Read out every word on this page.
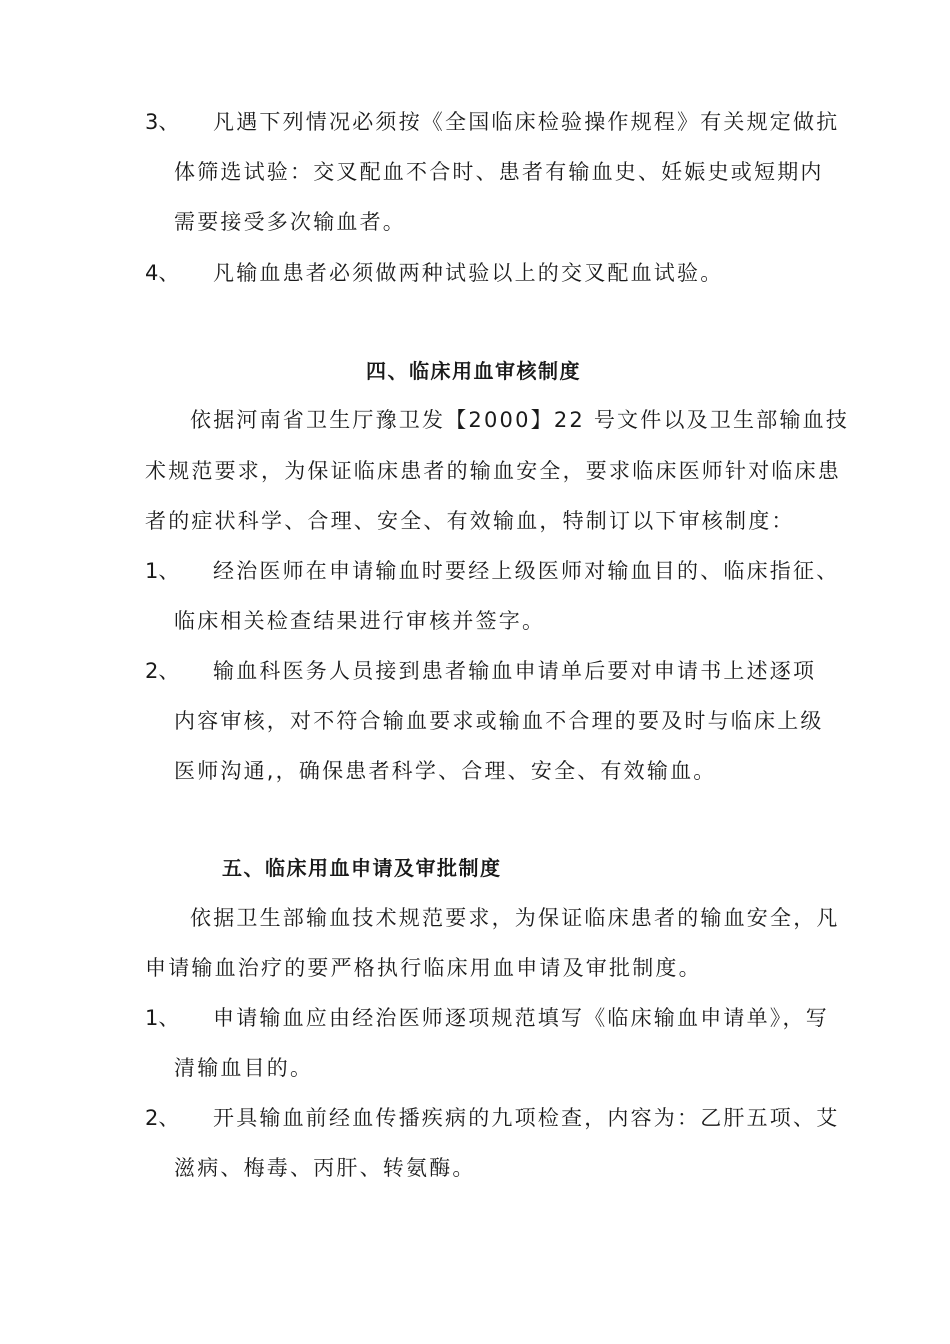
3、 凡遇下列情况必须按《全国临床检验操作规程》有关规定做抗
体筛选试验：交叉配血不合时、患者有输血史、妊娠史或短期内
需要接受多次输血者。
4、 凡输血患者必须做两种试验以上的交叉配血试验。
四、临床用血审核制度
依据河南省卫生厅豫卫发【2000】22 号文件以及卫生部输血技
术规范要求，为保证临床患者的输血安全，要求临床医师针对临床患
者的症状科学、合理、安全、有效输血，特制订以下审核制度：
1、 经治医师在申请输血时要经上级医师对输血目的、临床指征、
临床相关检查结果进行审核并签字。
2、 输血科医务人员接到患者输血申请单后要对申请书上述逐项
内容审核，对不符合输血要求或输血不合理的要及时与临床上级
医师沟通,，确保患者科学、合理、安全、有效输血。
五、临床用血申请及审批制度
依据卫生部输血技术规范要求，为保证临床患者的输血安全，凡
申请输血治疗的要严格执行临床用血申请及审批制度。
1、 申请输血应由经治医师逐项规范填写《临床输血申请单》，写
清输血目的。
2、 开具输血前经血传播疾病的九项检查，内容为：乙肝五项、艾
滋病、梅毒、丙肝、转氨酶。
